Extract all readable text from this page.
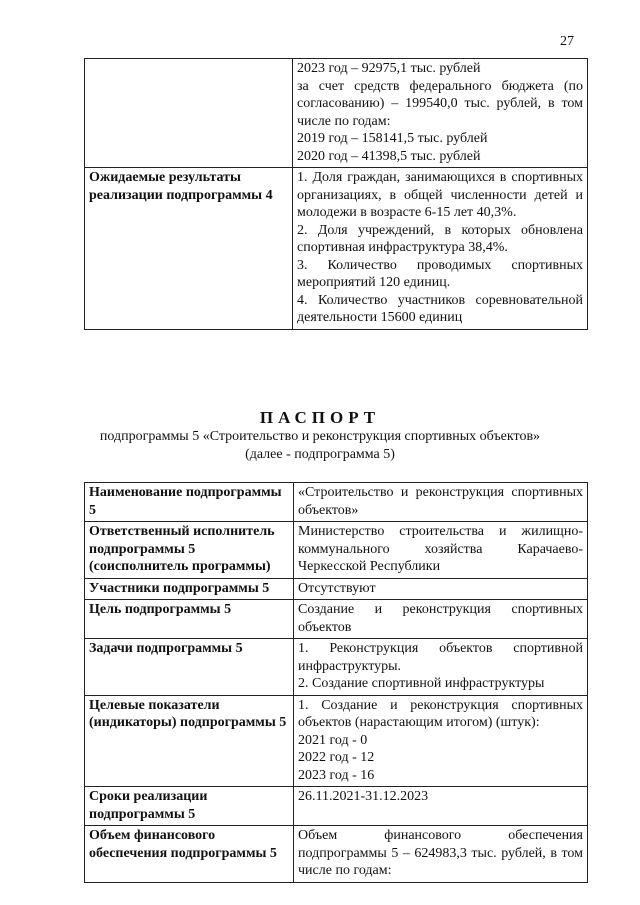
27

	2023 год – 92975,1 тыс. рублей
за счет средств федерального бюджета (по согласованию) – 199540,0 тыс. рублей, в том числе по годам:
2019 год – 158141,5 тыс. рублей
2020 год – 41398,5 тыс. рублей

Ожидаемые результаты реализации подпрограммы 4	1. Доля граждан, занимающихся в спортивных организациях, в общей численности детей и молодежи в возрасте 6-15 лет 40,3%.
2. Доля учреждений, в которых обновлена спортивная инфраструктура 38,4%.
3. Количество проводимых спортивных мероприятий 120 единиц.
4. Количество участников соревновательной деятельности 15600 единиц
ПАСПОРТ
подпрограммы 5 «Строительство и реконструкция спортивных объектов»
(далее - подпрограмма 5)
Наименование подпрограммы 5	«Строительство и реконструкция спортивных объектов»

Ответственный исполнитель подпрограммы 5 (соисполнитель программы)	Министерство строительства и жилищно-коммунального хозяйства Карачаево-Черкесской Республики

Участники подпрограммы 5	Отсутствуют

Цель подпрограммы 5	Создание и реконструкция спортивных объектов

Задачи подпрограммы 5	1. Реконструкция объектов спортивной инфраструктуры.
2. Создание спортивной инфраструктуры

Целевые показатели (индикаторы) подпрограммы 5	1. Создание и реконструкция спортивных объектов (нарастающим итогом) (штук):
2021 год - 0
2022 год - 12
2023 год - 16

Сроки реализации подпрограммы 5	26.11.2021-31.12.2023

Объем финансового обеспечения подпрограммы 5	Объем финансового обеспечения подпрограммы 5 – 624983,3 тыс. рублей, в том числе по годам:
